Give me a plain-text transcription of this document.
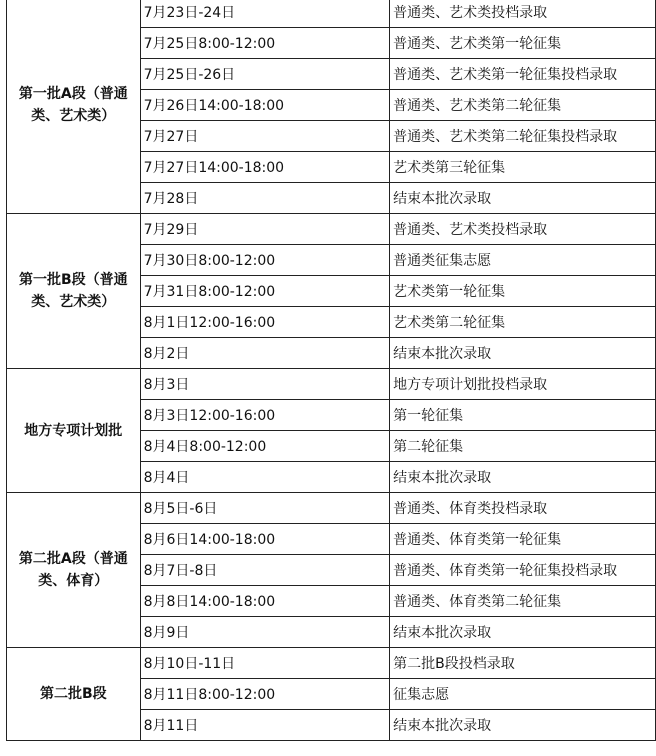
第一批A段（普通类、艺术类）	7月23日-24日	普通类、艺术类投档录取
	7月25日8:00-12:00	普通类、艺术类第一轮征集
	7月25日-26日	普通类、艺术类第一轮征集投档录取
	7月26日14:00-18:00	普通类、艺术类第二轮征集
	7月27日	普通类、艺术类第二轮征集投档录取
	7月27日14:00-18:00	艺术类第三轮征集
	7月28日	结束本批次录取
第一批B段（普通类、艺术类）	7月29日	普通类、艺术类投档录取
	7月30日8:00-12:00	普通类征集志愿
	7月31日8:00-12:00	艺术类第一轮征集
	8月1日12:00-16:00	艺术类第二轮征集
	8月2日	结束本批次录取
地方专项计划批	8月3日	地方专项计划批投档录取
	8月3日12:00-16:00	第一轮征集
	8月4日8:00-12:00	第二轮征集
	8月4日	结束本批次录取
第二批A段（普通类、体育）	8月5日-6日	普通类、体育类投档录取
	8月6日14:00-18:00	普通类、体育类第一轮征集
	8月7日-8日	普通类、体育类第一轮征集投档录取
	8月8日14:00-18:00	普通类、体育类第二轮征集
	8月9日	结束本批次录取
第二批B段	8月10日-11日	第二批B段投档录取
	8月11日8:00-12:00	征集志愿
	8月11日	结束本批次录取
